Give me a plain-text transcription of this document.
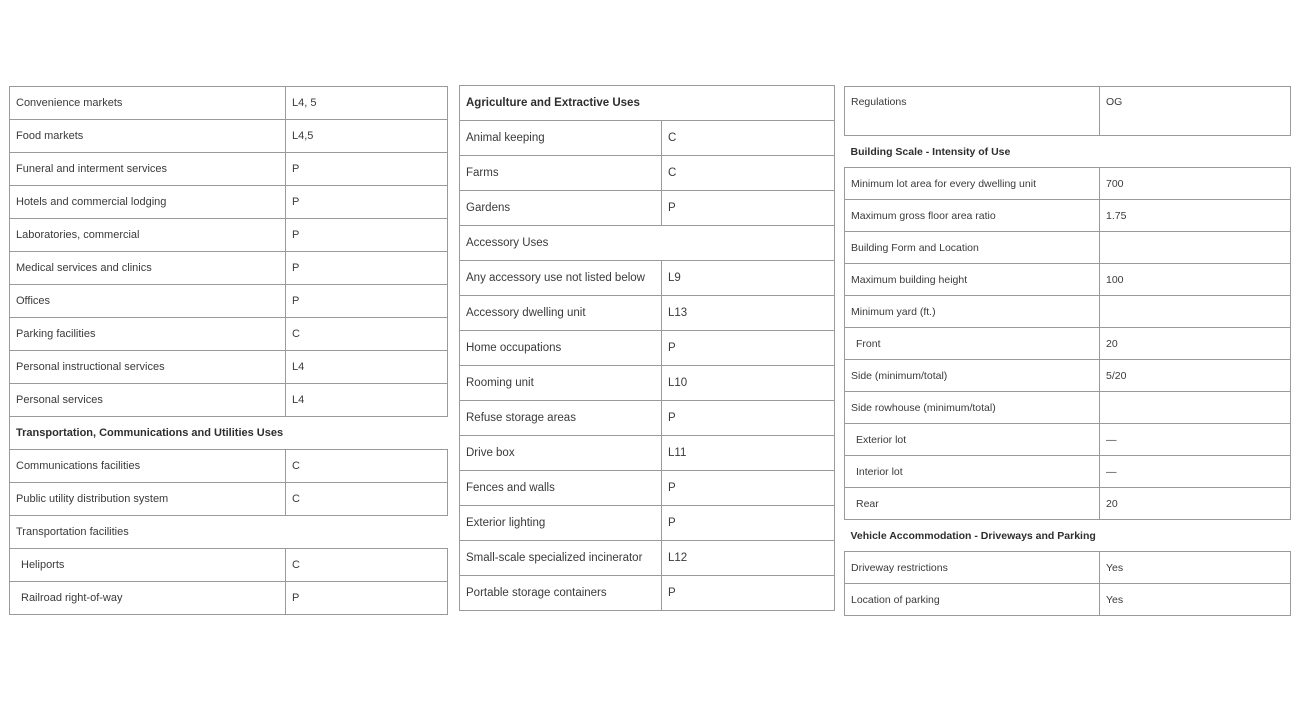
Convenience markets	L4, 5
Food markets	L4,5
Funeral and interment services	P
Hotels and commercial lodging	P
Laboratories, commercial	P
Medical services and clinics	P
Offices	P
Parking facilities	C
Personal instructional services	L4
Personal services	L4
Transportation, Communications and Utilities Uses	
Communications facilities	C
Public utility distribution system	C
Transportation facilities	
Heliports	C
Railroad right-of-way	P
Agriculture and Extractive Uses	
Animal keeping	C
Farms	C
Gardens	P
Accessory Uses	
Any accessory use not listed below	L9
Accessory dwelling unit	L13
Home occupations	P
Rooming unit	L10
Refuse storage areas	P
Drive box	L11
Fences and walls	P
Exterior lighting	P
Small-scale specialized incinerator	L12
Portable storage containers	P
Regulations	OG
Building Scale - Intensity of Use	
Minimum lot area for every dwelling unit	700
Maximum gross floor area ratio	1.75
Building Form and Location	
Maximum building height	100
Minimum yard (ft.)	
Front	20
Side (minimum/total)	5/20
Side rowhouse (minimum/total)	
Exterior lot	—
Interior lot	—
Rear	20
Vehicle Accommodation - Driveways and Parking	
Driveway restrictions	Yes
Location of parking	Yes
